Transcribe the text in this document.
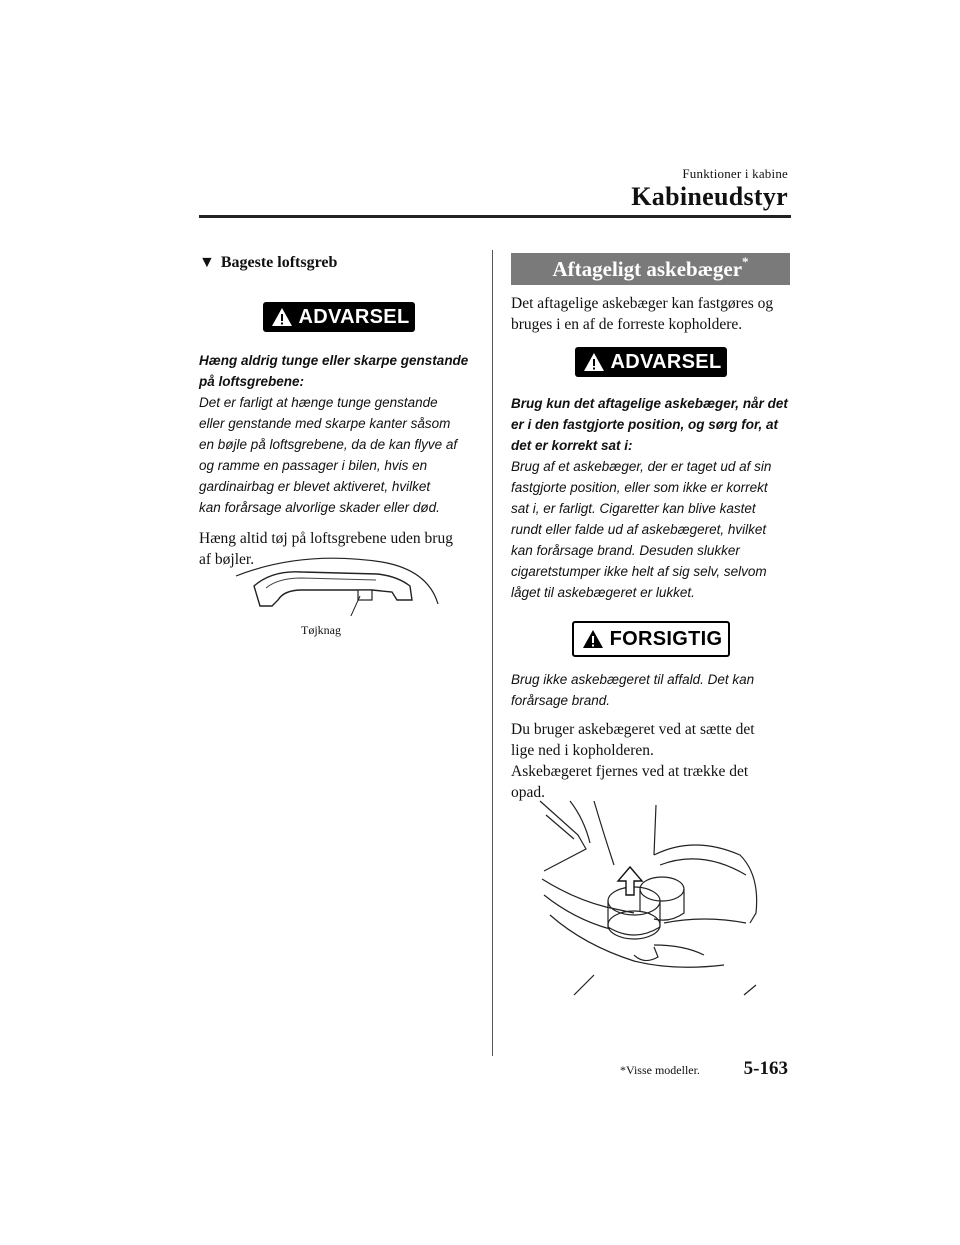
Funktioner i kabine
Kabineudstyr
▼ Bageste loftsgreb
ADVARSEL

Hæng aldrig tunge eller skarpe genstande på loftsgrebene:

Det er farligt at hænge tunge genstande

eller genstande med skarpe kanter såsom

en bøjle på loftsgrebene, da de kan flyve af

og ramme en passager i bilen, hvis en

gardinairbag er blevet aktiveret, hvilket

kan forårsage alvorlige skader eller død.

Hæng altid tøj på loftsgrebene uden brug

af bøjler.

Tøjknag
Aftageligt askebæger*

Det aftagelige askebæger kan fastgøres og

bruges i en af de forreste kopholdere.

ADVARSEL

Brug kun det aftagelige askebæger, når det

er i den fastgjorte position, og sørg for, at

det er korrekt sat i:

Brug af et askebæger, der er taget ud af sin

fastgjorte position, eller som ikke er korrekt

sat i, er farligt. Cigaretter kan blive kastet

rundt eller falde ud af askebægeret, hvilket

kan forårsage brand. Desuden slukker

cigaretstumper ikke helt af sig selv, selvom

låget til askebægeret er lukket.

FORSIGTIG

Brug ikke askebægeret til affald. Det kan

forårsage brand.

Du bruger askebægeret ved at sætte det

lige ned i kopholderen.

Askebægeret fjernes ved at trække det

opad.

*Visse modeller. 5-163
